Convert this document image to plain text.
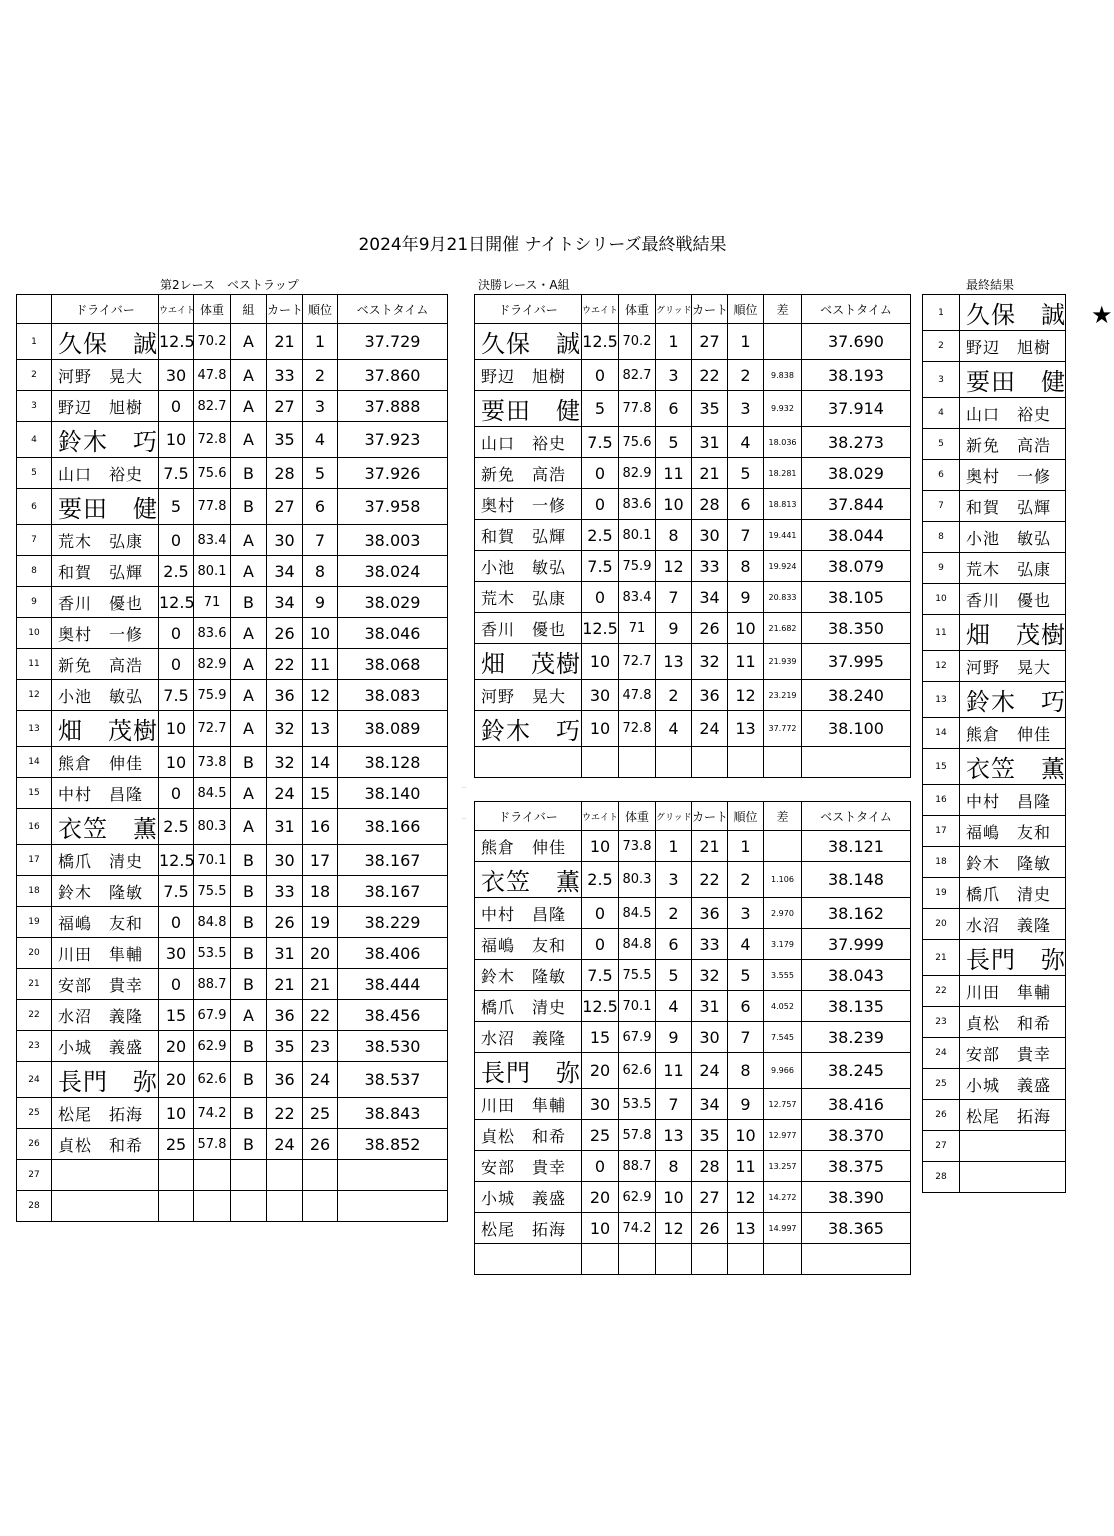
2024年9月21日開催 ナイトシリーズ最終戦結果
第2レース　ベストラップ	決勝レース・A組	最終結果
	ドライバー	ウエイト	体重	組	カート	順位	ベストタイム
1	久保　誠	12.5	70.2	A	21	1	37.729
2	河野　晃大	30	47.8	A	33	2	37.860
3	野辺　旭樹	0	82.7	A	27	3	37.888
4	鈴木　巧	10	72.8	A	35	4	37.923
5	山口　裕史	7.5	75.6	B	28	5	37.926
6	要田　健	5	77.8	B	27	6	37.958
7	荒木　弘康	0	83.4	A	30	7	38.003
8	和賀　弘輝	2.5	80.1	A	34	8	38.024
9	香川　優也	12.5	71	B	34	9	38.029
10	奥村　一修	0	83.6	A	26	10	38.046
11	新免　高浩	0	82.9	A	22	11	38.068
12	小池　敏弘	7.5	75.9	A	36	12	38.083
13	畑　茂樹	10	72.7	A	32	13	38.089
14	熊倉　伸佳	10	73.8	B	32	14	38.128
15	中村　昌隆	0	84.5	A	24	15	38.140
16	衣笠　薫	2.5	80.3	A	31	16	38.166
17	橋爪　清史	12.5	70.1	B	30	17	38.167
18	鈴木　隆敏	7.5	75.5	B	33	18	38.167
19	福嶋　友和	0	84.8	B	26	19	38.229
20	川田　隼輔	30	53.5	B	31	20	38.406
21	安部　貴幸	0	88.7	B	21	21	38.444
22	水沼　義隆	15	67.9	A	36	22	38.456
23	小城　義盛	20	62.9	B	35	23	38.530
24	長門　弥	20	62.6	B	36	24	38.537
25	松尾　拓海	10	74.2	B	22	25	38.843
26	貞松　和希	25	57.8	B	24	26	38.852
27							
28							
ドライバー	ウエイト	体重	グリッド	カート	順位	差	ベストタイム
久保　誠	12.5	70.2	1	27	1		37.690
野辺　旭樹	0	82.7	3	22	2	9.838	38.193
要田　健	5	77.8	6	35	3	9.932	37.914
山口　裕史	7.5	75.6	5	31	4	18.036	38.273
新免　高浩	0	82.9	11	21	5	18.281	38.029
奥村　一修	0	83.6	10	28	6	18.813	37.844
和賀　弘輝	2.5	80.1	8	30	7	19.441	38.044
小池　敏弘	7.5	75.9	12	33	8	19.924	38.079
荒木　弘康	0	83.4	7	34	9	20.833	38.105
香川　優也	12.5	71	9	26	10	21.682	38.350
畑　茂樹	10	72.7	13	32	11	21.939	37.995
河野　晃大	30	47.8	2	36	12	23.219	38.240
鈴木　巧	10	72.8	4	24	13	37.772	38.100

‥
‥	ドライバー	ウエイト	体重	グリッド	カート	順位	差	ベストタイム
熊倉　伸佳	10	73.8	1	21	1		38.121
衣笠　薫	2.5	80.3	3	22	2	1.106	38.148
中村　昌隆	0	84.5	2	36	3	2.970	38.162
福嶋　友和	0	84.8	6	33	4	3.179	37.999
鈴木　隆敏	7.5	75.5	5	32	5	3.555	38.043
橋爪　清史	12.5	70.1	4	31	6	4.052	38.135
水沼　義隆	15	67.9	9	30	7	7.545	38.239
長門　弥	20	62.6	11	24	8	9.966	38.245
川田　隼輔	30	53.5	7	34	9	12.757	38.416
貞松　和希	25	57.8	13	35	10	12.977	38.370
安部　貴幸	0	88.7	8	28	11	13.257	38.375
小城　義盛	20	62.9	10	27	12	14.272	38.390
松尾　拓海	10	74.2	12	26	13	14.997	38.365

1	久保　誠　★
2	野辺　旭樹
3	要田　健
4	山口　裕史
5	新免　高浩
6	奥村　一修
7	和賀　弘輝
8	小池　敏弘
9	荒木　弘康
10	香川　優也
11	畑　茂樹
12	河野　晃大
13	鈴木　巧
14	熊倉　伸佳
15	衣笠　薫
16	中村　昌隆
17	福嶋　友和
18	鈴木　隆敏
19	橋爪　清史
20	水沼　義隆
21	長門　弥
22	川田　隼輔
23	貞松　和希
24	安部　貴幸
25	小城　義盛
26	松尾　拓海
27	
28	
